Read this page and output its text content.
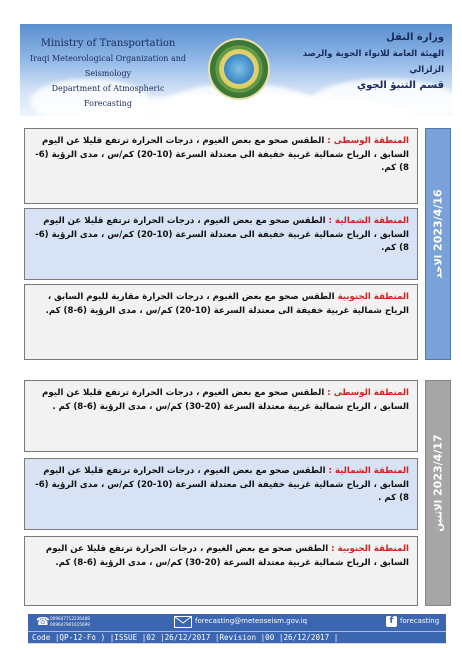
Ministry of Transportation
Iraqi Meteorological Organization and Seismology
Department of Atmospheric Forecasting
وزارة النقل
الهيئة العامة للانواء الجوية والرصد الزلزالي
قسم التنبؤ الجوي
المنطقة الوسطى : الطقس صحو مع بعض الغيوم ، درجات الحرارة ترتفع قليلا عن اليوم السابق ، الرياح شمالية غربية خفيفة الى معتدلة السرعة (10-20) كم/س ، مدى الرؤية (6-8) كم.
المنطقة الشمالية : الطقس صحو مع بعض الغيوم ، درجات الحرارة ترتفع قليلا عن اليوم السابق ، الرياح شمالية غربية خفيفة الى معتدلة السرعة (10-20) كم/س ، مدى الرؤية (6-8) كم.
المنطقة الجنوبية الطقس صحو مع بعض الغيوم ، درجات الحرارة مقاربة لليوم السابق ، الرياح شمالية غربية خفيفة الى معتدلة السرعة (10-20) كم/س ، مدى الرؤية (6-8) كم.
2023/4/16 الاحد
المنطقة الوسطى : الطقس صحو مع بعض الغيوم ، درجات الحرارة ترتفع قليلا عن اليوم السابق ، الرياح شمالية غربية معتدلة السرعة (20-30) كم/س ، مدى الرؤية (6-8) كم .
المنطقة الشمالية : الطقس صحو مع بعض الغيوم ، درجات الحرارة ترتفع قليلا عن اليوم السابق ، الرياح شمالية غربية خفيفة الى معتدلة السرعة (10-20) كم/س ، مدى الرؤية (6-8) كم .
المنطقة الجنوبية : الطقس صحو مع بعض الغيوم ، درجات الحرارة ترتفع قليلا عن اليوم السابق ، الرياح شمالية غربية معتدلة السرعة (20-30) كم/س ، مدى الرؤية (6-8) كم.
2023/4/17 الاثنين
☎ 009647712236488
009647901615699	forecasting@meteoseism.gov.iq	f forecasting
Code |QP-12-F٥ ) |ISSUE |02 |26/12/2017 |Revision |00 |26/12/2017 |
